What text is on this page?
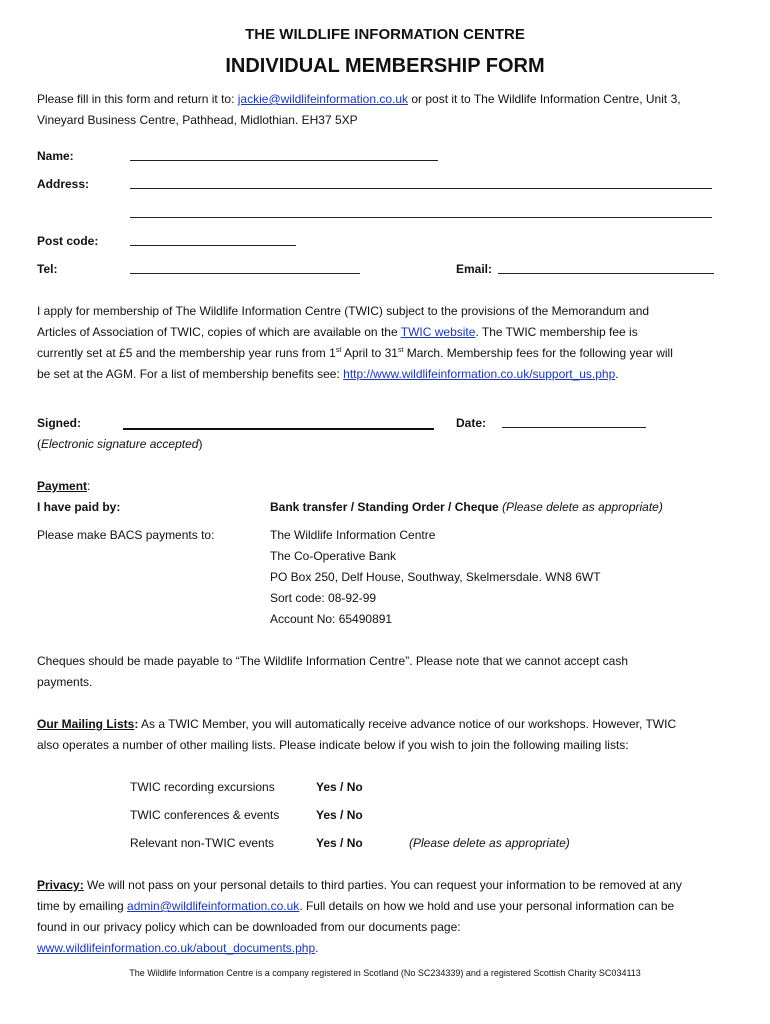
THE WILDLIFE INFORMATION CENTRE
INDIVIDUAL MEMBERSHIP FORM
Please fill in this form and return it to: jackie@wildlifeinformation.co.uk or post it to The Wildlife Information Centre, Unit 3,
Vineyard Business Centre, Pathhead, Midlothian. EH37 5XP
Name:
Address:
Post code:
Tel:	Email:
I apply for membership of The Wildlife Information Centre (TWIC) subject to the provisions of the Memorandum and
Articles of Association of TWIC, copies of which are available on the TWIC website. The TWIC membership fee is
currently set at £5 and the membership year runs from 1st April to 31st March. Membership fees for the following year will
be set at the AGM. For a list of membership benefits see: http://www.wildlifeinformation.co.uk/support_us.php.
Signed:	Date:
(Electronic signature accepted)
Payment:
I have paid by:	Bank transfer / Standing Order / Cheque (Please delete as appropriate)
Please make BACS payments to:	The Wildlife Information Centre
The Co-Operative Bank
PO Box 250, Delf House, Southway, Skelmersdale. WN8 6WT
Sort code: 08-92-99
Account No: 65490891
Cheques should be made payable to “The Wildlife Information Centre”. Please note that we cannot accept cash
payments.
Our Mailing Lists: As a TWIC Member, you will automatically receive advance notice of our workshops. However, TWIC
also operates a number of other mailing lists. Please indicate below if you wish to join the following mailing lists:
TWIC recording excursions	Yes / No
TWIC conferences & events	Yes / No
Relevant non-TWIC events	Yes / No	(Please delete as appropriate)
Privacy: We will not pass on your personal details to third parties. You can request your information to be removed at any
time by emailing admin@wildlifeinformation.co.uk. Full details on how we hold and use your personal information can be
found in our privacy policy which can be downloaded from our documents page:
www.wildlifeinformation.co.uk/about_documents.php.
The Wildlife Information Centre is a company registered in Scotland (No SC234339) and a registered Scottish Charity SC034113
